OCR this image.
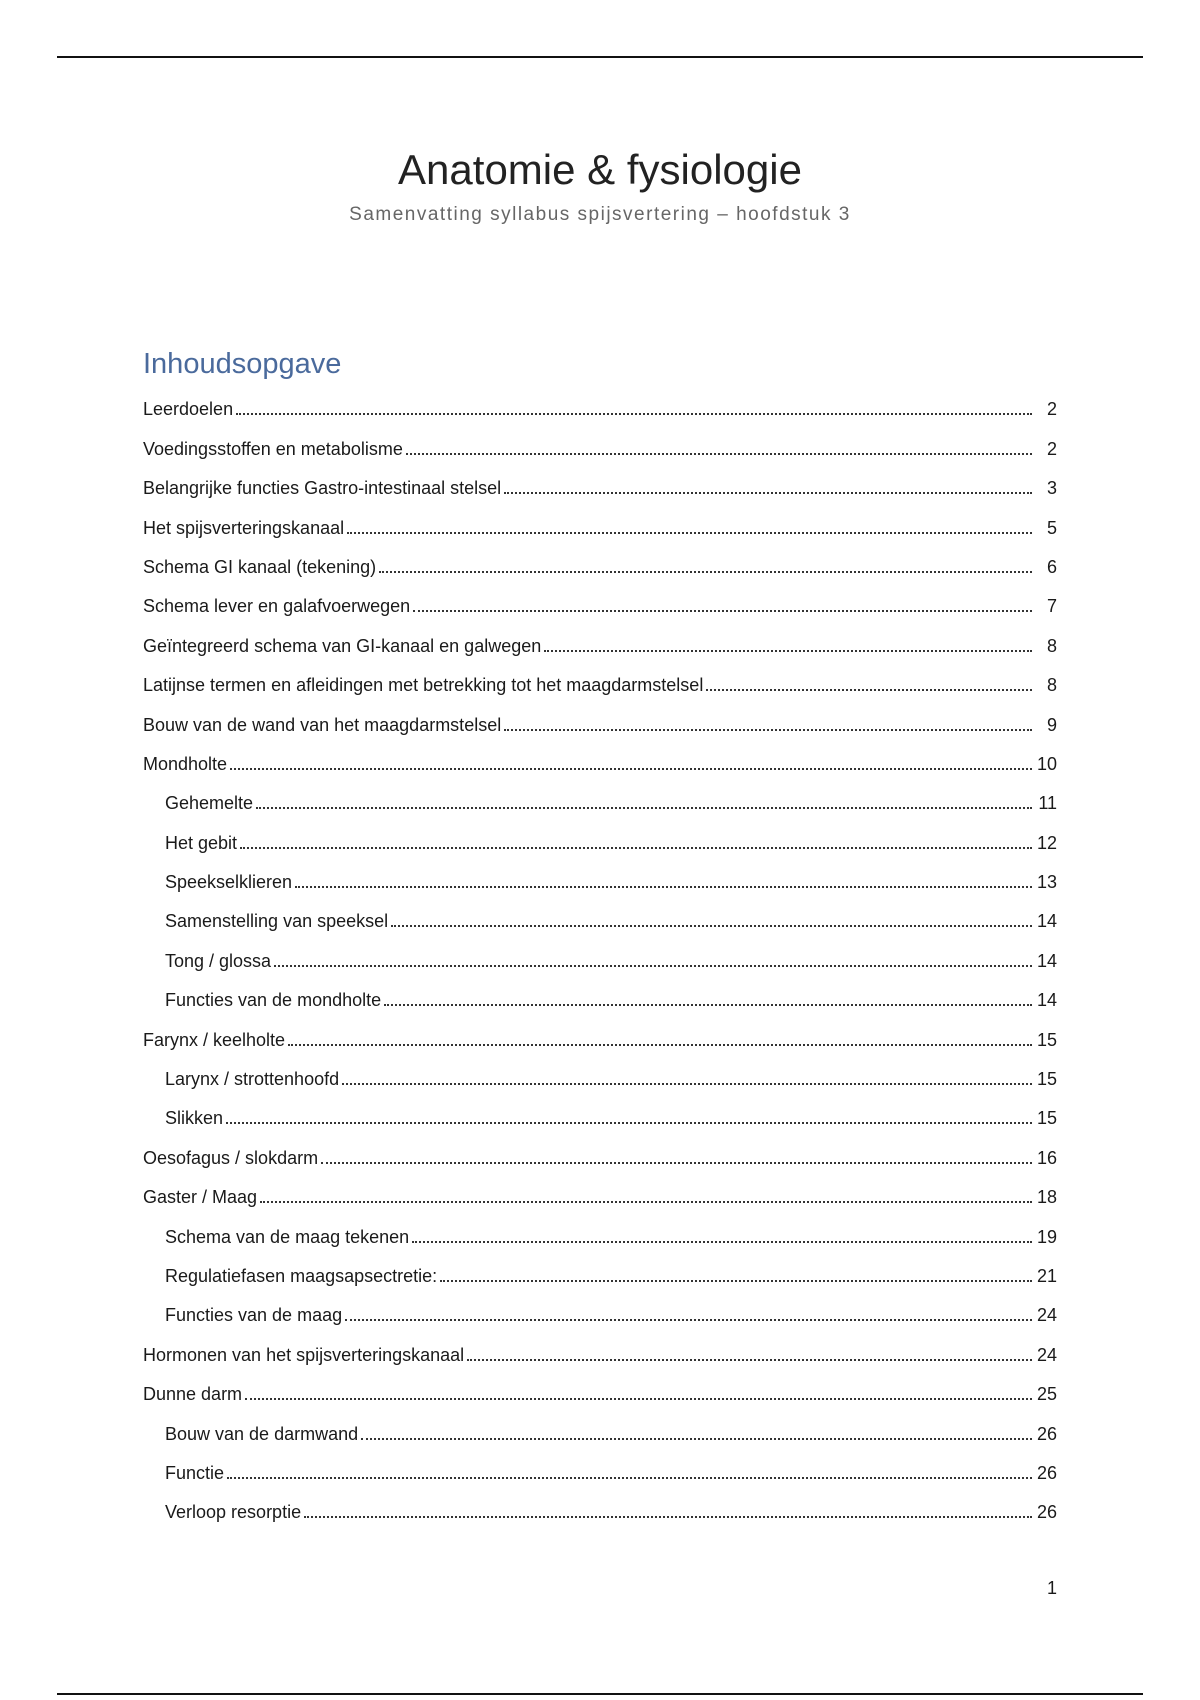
Anatomie & fysiologie
Samenvatting syllabus spijsvertering – hoofdstuk 3
Inhoudsopgave
Leerdoelen	2
Voedingsstoffen en metabolisme	2
Belangrijke functies Gastro-intestinaal stelsel	3
Het spijsverteringskanaal	5
Schema GI kanaal (tekening)	6
Schema lever en galafvoerwegen	7
Geïntegreerd schema van GI-kanaal en galwegen	8
Latijnse termen en afleidingen met betrekking tot het maagdarmstelsel	8
Bouw van de wand van het maagdarmstelsel	9
Mondholte	10
Gehemelte	11
Het gebit	12
Speekselklieren	13
Samenstelling van speeksel	14
Tong / glossa	14
Functies van de mondholte	14
Farynx / keelholte	15
Larynx / strottenhoofd	15
Slikken	15
Oesofagus / slokdarm	16
Gaster / Maag	18
Schema van de maag tekenen	19
Regulatiefasen maagsapsectretie:	21
Functies van de maag	24
Hormonen van het spijsverteringskanaal	24
Dunne darm	25
Bouw van de darmwand	26
Functie	26
Verloop resorptie	26
1
